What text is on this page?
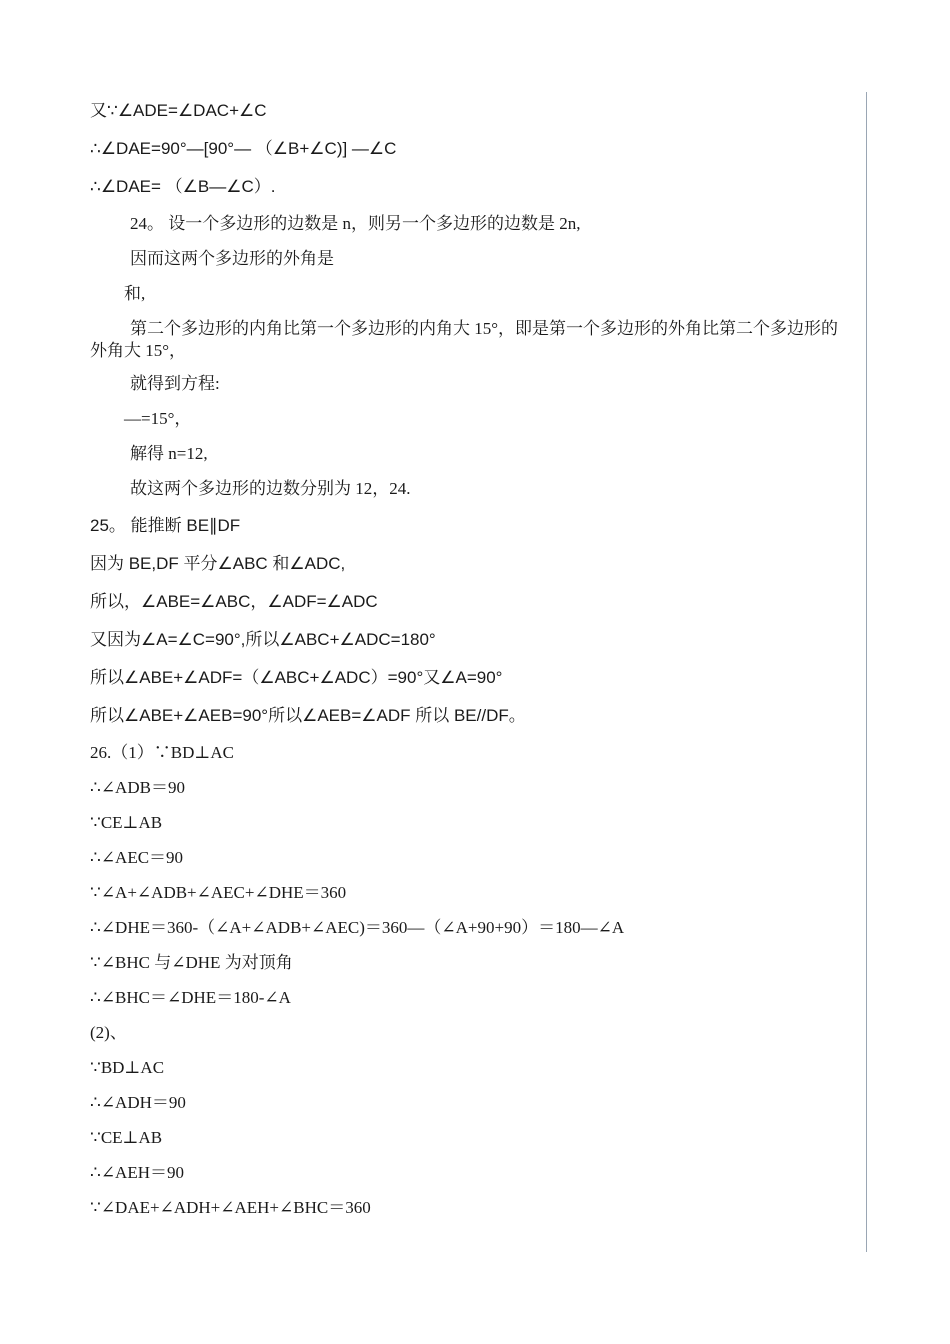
又∵∠ADE=∠DAC+∠C
∴∠DAE=90°—[90°— （∠B+∠C)] —∠C
∴∠DAE= （∠B—∠C）.
24。 设一个多边形的边数是 n，则另一个多边形的边数是 2n,
因而这两个多边形的外角是
和,
第二个多边形的内角比第一个多边形的内角大 15°，即是第一个多边形的外角比第二个多边形的外角大 15°，
就得到方程:
—=15°，
解得 n=12,
故这两个多边形的边数分别为 12，24.
25。 能推断 BE∥DF
因为 BE,DF 平分∠ABC 和∠ADC,
所以，∠ABE=∠ABC，∠ADF=∠ADC
又因为∠A=∠C=90°,所以∠ABC+∠ADC=180°
所以∠ABE+∠ADF=（∠ABC+∠ADC）=90°又∠A=90°
所以∠ABE+∠AEB=90°所以∠AEB=∠ADF 所以 BE//DF。
26.（1）∵BD⊥AC
∴∠ADB＝90
∵CE⊥AB
∴∠AEC＝90
∵∠A+∠ADB+∠AEC+∠DHE＝360
∴∠DHE＝360-（∠A+∠ADB+∠AEC)＝360—（∠A+90+90）＝180—∠A
∵∠BHC 与∠DHE 为对顶角
∴∠BHC＝∠DHE＝180-∠A
(2)、
∵BD⊥AC
∴∠ADH＝90
∵CE⊥AB
∴∠AEH＝90
∵∠DAE+∠ADH+∠AEH+∠BHC＝360
